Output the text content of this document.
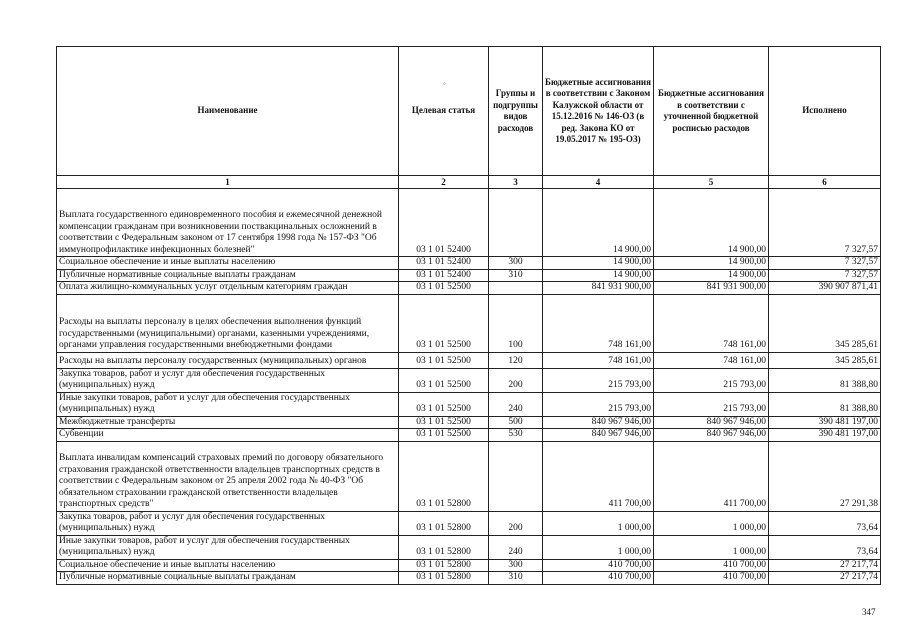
◦
Наименование	Целевая статья	Группы и подгруппы видов расходов	Бюджетные ассигнования в соответствии с Законом Калужской области от 15.12.2016 № 146-ОЗ (в ред. Закона КО от 19.05.2017 № 195-ОЗ)	Бюджетные ассигнования в соответствии с уточненной бюджетной росписью расходов	Исполнено
1	2	3	4	5	6
Выплата государственного единовременного пособия и ежемесячной денежной компенсации гражданам при возникновении поствакцинальных осложнений в соответствии с Федеральным законом от 17 сентября 1998 года № 157-ФЗ "Об иммунопрофилактике инфекционных болезней"	03 1 01 52400		14 900,00	14 900,00	7 327,57
Социальное обеспечение и иные выплаты населению	03 1 01 52400	300	14 900,00	14 900,00	7 327,57
Публичные нормативные социальные выплаты гражданам	03 1 01 52400	310	14 900,00	14 900,00	7 327,57
Оплата жилищно-коммунальных услуг отдельным категориям граждан	03 1 01 52500		841 931 900,00	841 931 900,00	390 907 871,41
Расходы на выплаты персоналу в целях обеспечения выполнения функций государственными (муниципальными) органами, казенными учреждениями, органами управления государственными внебюджетными фондами	03 1 01 52500	100	748 161,00	748 161,00	345 285,61
Расходы на выплаты персоналу государственных (муниципальных) органов	03 1 01 52500	120	748 161,00	748 161,00	345 285,61
Закупка товаров, работ и услуг для обеспечения государственных (муниципальных) нужд	03 1 01 52500	200	215 793,00	215 793,00	81 388,80
Иные закупки товаров, работ и услуг для обеспечения государственных (муниципальных) нужд	03 1 01 52500	240	215 793,00	215 793,00	81 388,80
Межбюджетные трансферты	03 1 01 52500	500	840 967 946,00	840 967 946,00	390 481 197,00
Субвенции	03 1 01 52500	530	840 967 946,00	840 967 946,00	390 481 197,00
Выплата инвалидам компенсаций страховых премий по договору обязательного страхования гражданской ответственности владельцев транспортных средств в соответствии с Федеральным законом от 25 апреля 2002 года № 40-ФЗ "Об обязательном страховании гражданской ответственности владельцев транспортных средств"	03 1 01 52800		411 700,00	411 700,00	27 291,38
Закупка товаров, работ и услуг для обеспечения государственных (муниципальных) нужд	03 1 01 52800	200	1 000,00	1 000,00	73,64
Иные закупки товаров, работ и услуг для обеспечения государственных (муниципальных) нужд	03 1 01 52800	240	1 000,00	1 000,00	73,64
Социальное обеспечение и иные выплаты населению	03 1 01 52800	300	410 700,00	410 700,00	27 217,74
Публичные нормативные социальные выплаты гражданам	03 1 01 52800	310	410 700,00	410 700,00	27 217,74
347
